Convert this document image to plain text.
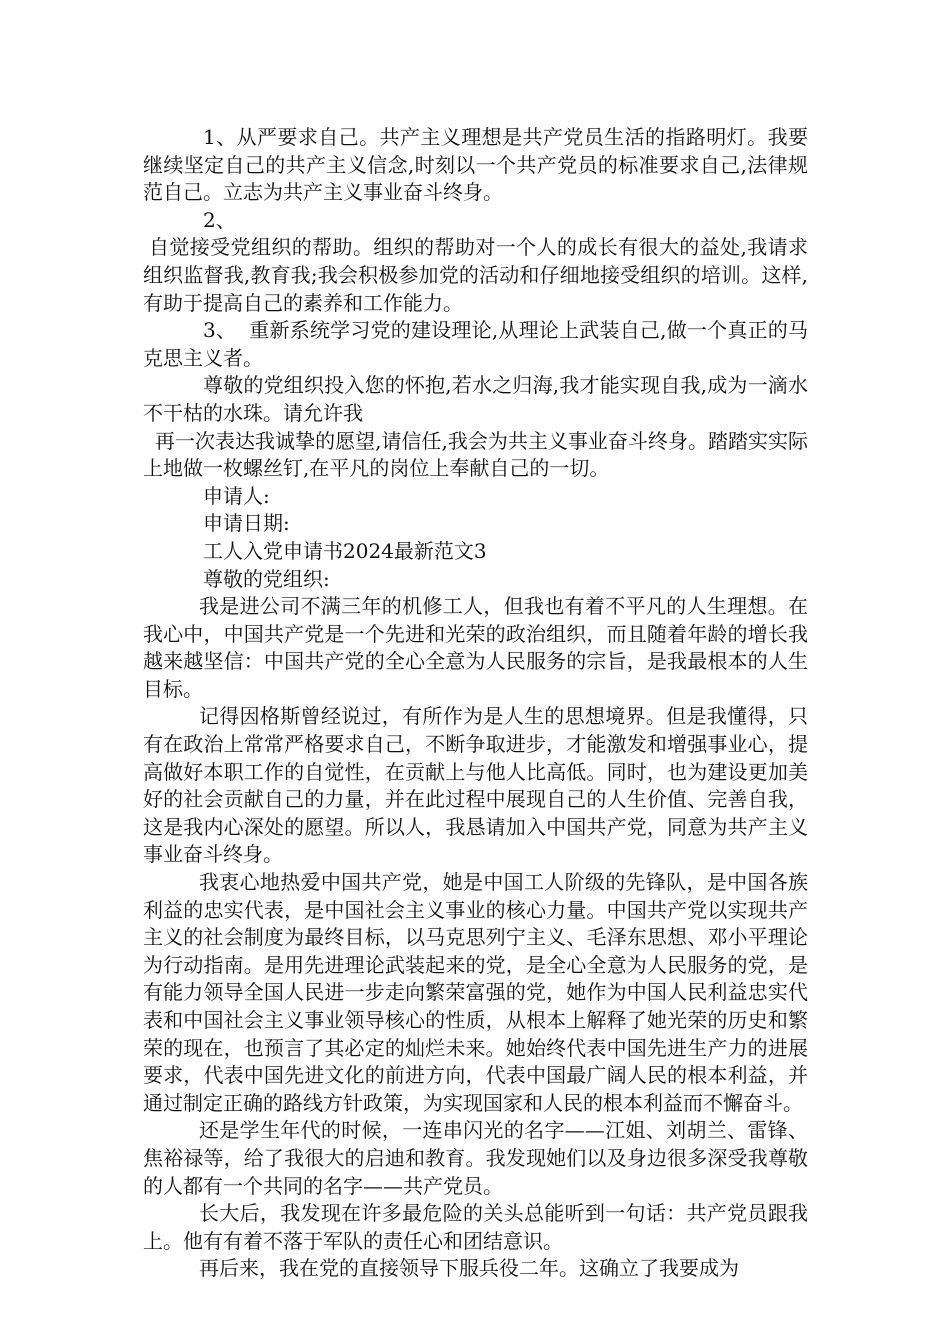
1、从严要求自己。共产主义理想是共产党员生活的指路明灯。我要继续坚定自己的共产主义信念,时刻以一个共产党员的标准要求自己,法律规范自己。立志为共产主义事业奋斗终身。

2、

自觉接受党组织的帮助。组织的帮助对一个人的成长有很大的益处,我请求组织监督我,教育我;我会积极参加党的活动和仔细地接受组织的培训。这样,有助于提高自己的素养和工作能力。

3、  重新系统学习党的建设理论,从理论上武装自己,做一个真正的马克思主义者。

尊敬的党组织投入您的怀抱,若水之归海,我才能实现自我,成为一滴水不干枯的水珠。请允许我

再一次表达我诚挚的愿望,请信任,我会为共主义事业奋斗终身。踏踏实实际上地做一枚螺丝钉,在平凡的岗位上奉献自己的一切。

申请人:

申请日期:

工人入党申请书2024最新范文3

尊敬的党组织:

我是进公司不满三年的机修工人，但我也有着不平凡的人生理想。在我心中，中国共产党是一个先进和光荣的政治组织，而且随着年龄的增长我越来越坚信：中国共产党的全心全意为人民服务的宗旨，是我最根本的人生目标。

记得因格斯曾经说过，有所作为是人生的思想境界。但是我懂得，只有在政治上常常严格要求自己，不断争取进步，才能激发和增强事业心，提高做好本职工作的自觉性，在贡献上与他人比高低。同时，也为建设更加美好的社会贡献自己的力量，并在此过程中展现自己的人生价值、完善自我，这是我内心深处的愿望。所以人，我恳请加入中国共产党，同意为共产主义事业奋斗终身。

我衷心地热爱中国共产党，她是中国工人阶级的先锋队，是中国各族利益的忠实代表，是中国社会主义事业的核心力量。中国共产党以实现共产主义的社会制度为最终目标，以马克思列宁主义、毛泽东思想、邓小平理论为行动指南。是用先进理论武装起来的党，是全心全意为人民服务的党，是有能力领导全国人民进一步走向繁荣富强的党，她作为中国人民利益忠实代表和中国社会主义事业领导核心的性质，从根本上解释了她光荣的历史和繁荣的现在，也预言了其必定的灿烂未来。她始终代表中国先进生产力的进展要求，代表中国先进文化的前进方向，代表中国最广阔人民的根本利益，并通过制定正确的路线方针政策，为实现国家和人民的根本利益而不懈奋斗。

还是学生年代的时候，一连串闪光的名字——江姐、刘胡兰、雷锋、焦裕禄等，给了我很大的启迪和教育。我发现她们以及身边很多深受我尊敬的人都有一个共同的名字——共产党员。

长大后，我发现在许多最危险的关头总能听到一句话：共产党员跟我上。他有有着不落于军队的责任心和团结意识。

再后来，我在党的直接领导下服兵役二年。这确立了我要成为
